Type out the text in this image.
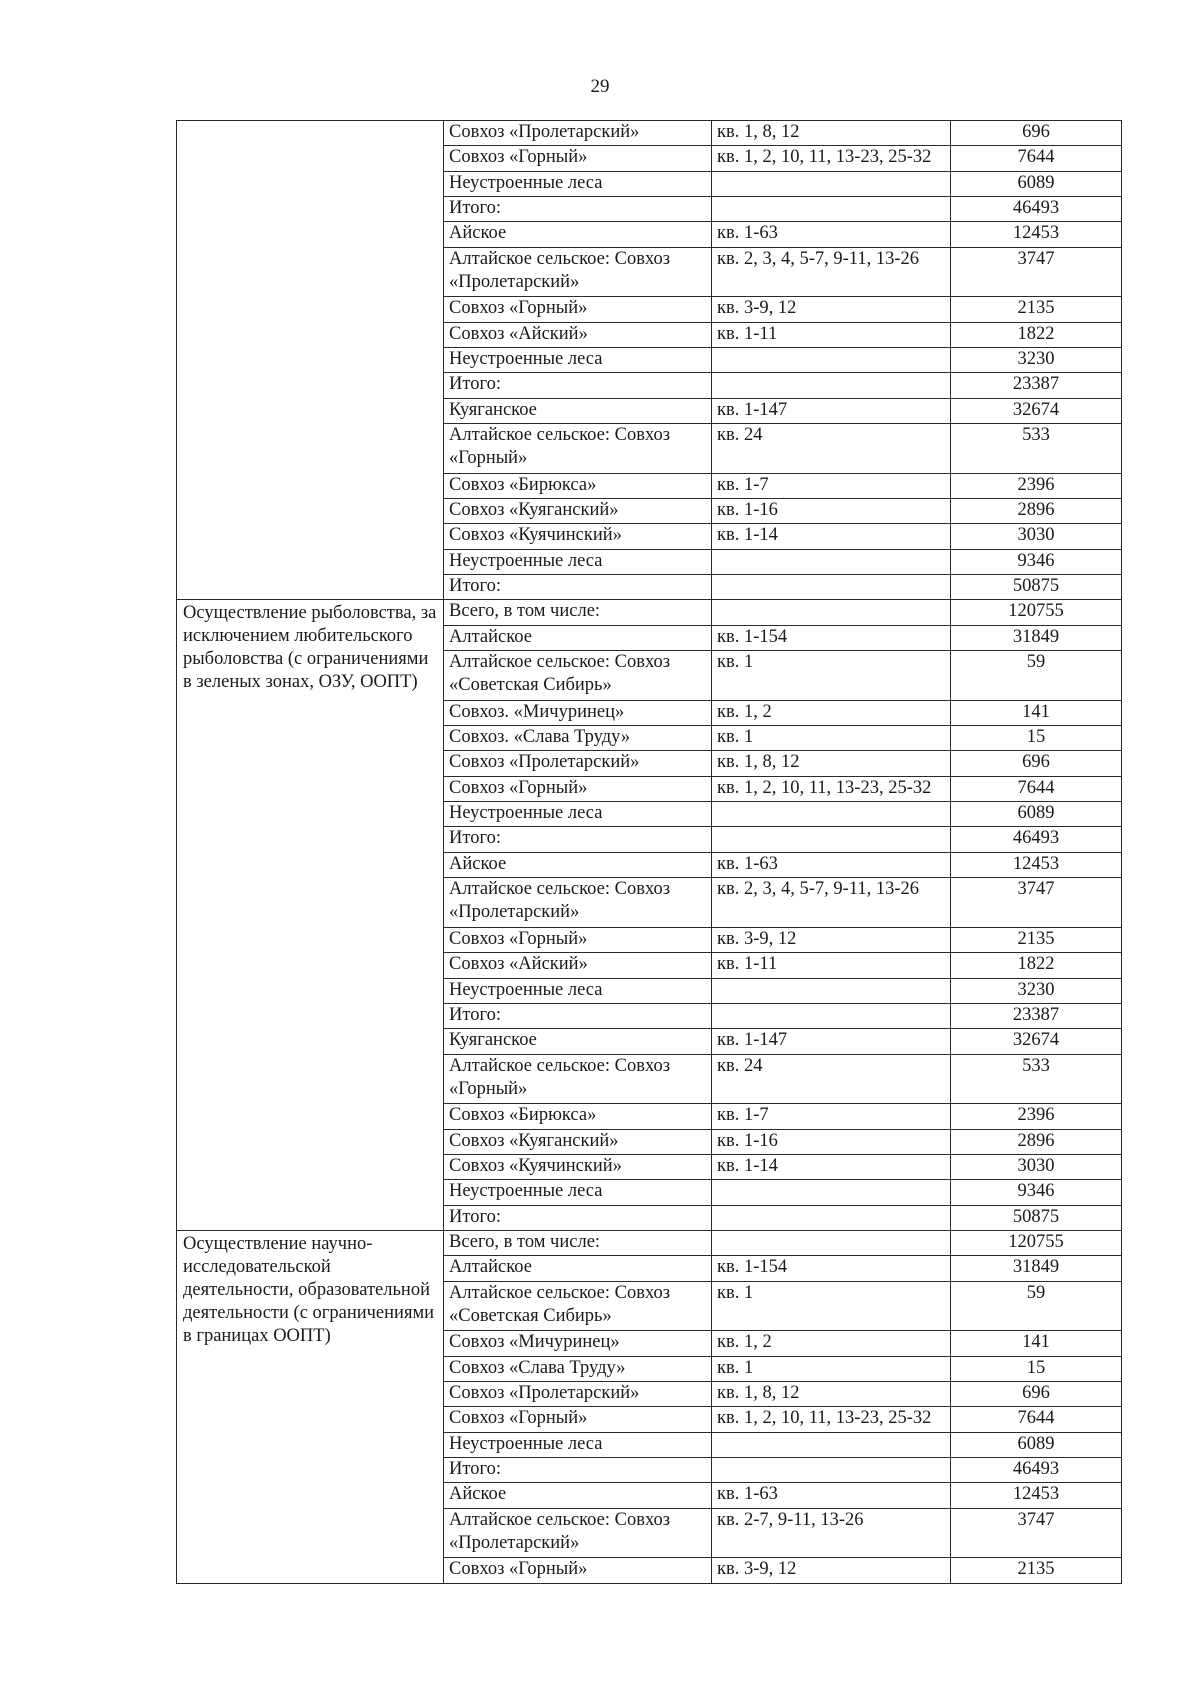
29
	Совхоз «Пролетарский»	кв. 1, 8, 12	696
	Совхоз «Горный»	кв. 1, 2, 10, 11, 13-23, 25-32	7644
	Неустроенные леса		6089
	Итого:		46493
	Айское	кв. 1-63	12453
	Алтайское сельское: Совхоз «Пролетарский»	кв. 2, 3, 4, 5-7, 9-11, 13-26	3747
	Совхоз «Горный»	кв. 3-9, 12	2135
	Совхоз «Айский»	кв. 1-11	1822
	Неустроенные леса		3230
	Итого:		23387
	Куяганское	кв. 1-147	32674
	Алтайское сельское: Совхоз «Горный»	кв. 24	533
	Совхоз «Бирюкса»	кв. 1-7	2396
	Совхоз «Куяганский»	кв. 1-16	2896
	Совхоз «Куячинский»	кв. 1-14	3030
	Неустроенные леса		9346
	Итого:		50875
Осуществление рыболовства, за исключением любительского рыболовства (с ограничениями в зеленых зонах, ОЗУ, ООПТ)	Всего, в том числе:		120755
	Алтайское	кв. 1-154	31849
	Алтайское сельское: Совхоз «Советская Сибирь»	кв. 1	59
	Совхоз. «Мичуринец»	кв. 1, 2	141
	Совхоз. «Слава Труду»	кв. 1	15
	Совхоз «Пролетарский»	кв. 1, 8, 12	696
	Совхоз «Горный»	кв. 1, 2, 10, 11, 13-23, 25-32	7644
	Неустроенные леса		6089
	Итого:		46493
	Айское	кв. 1-63	12453
	Алтайское сельское: Совхоз «Пролетарский»	кв. 2, 3, 4, 5-7, 9-11, 13-26	3747
	Совхоз «Горный»	кв. 3-9, 12	2135
	Совхоз «Айский»	кв. 1-11	1822
	Неустроенные леса		3230
	Итого:		23387
	Куяганское	кв. 1-147	32674
	Алтайское сельское: Совхоз «Горный»	кв. 24	533
	Совхоз «Бирюкса»	кв. 1-7	2396
	Совхоз «Куяганский»	кв. 1-16	2896
	Совхоз «Куячинский»	кв. 1-14	3030
	Неустроенные леса		9346
	Итого:		50875
Осуществление научно-исследовательской деятельности, образовательной деятельности (с ограничениями в границах ООПТ)	Всего, в том числе:		120755
	Алтайское	кв. 1-154	31849
	Алтайское сельское: Совхоз «Советская Сибирь»	кв. 1	59
	Совхоз «Мичуринец»	кв. 1, 2	141
	Совхоз «Слава Труду»	кв. 1	15
	Совхоз «Пролетарский»	кв. 1, 8, 12	696
	Совхоз «Горный»	кв. 1, 2, 10, 11, 13-23, 25-32	7644
	Неустроенные леса		6089
	Итого:		46493
	Айское	кв. 1-63	12453
	Алтайское сельское: Совхоз «Пролетарский»	кв. 2-7, 9-11, 13-26	3747
	Совхоз «Горный»	кв. 3-9, 12	2135
